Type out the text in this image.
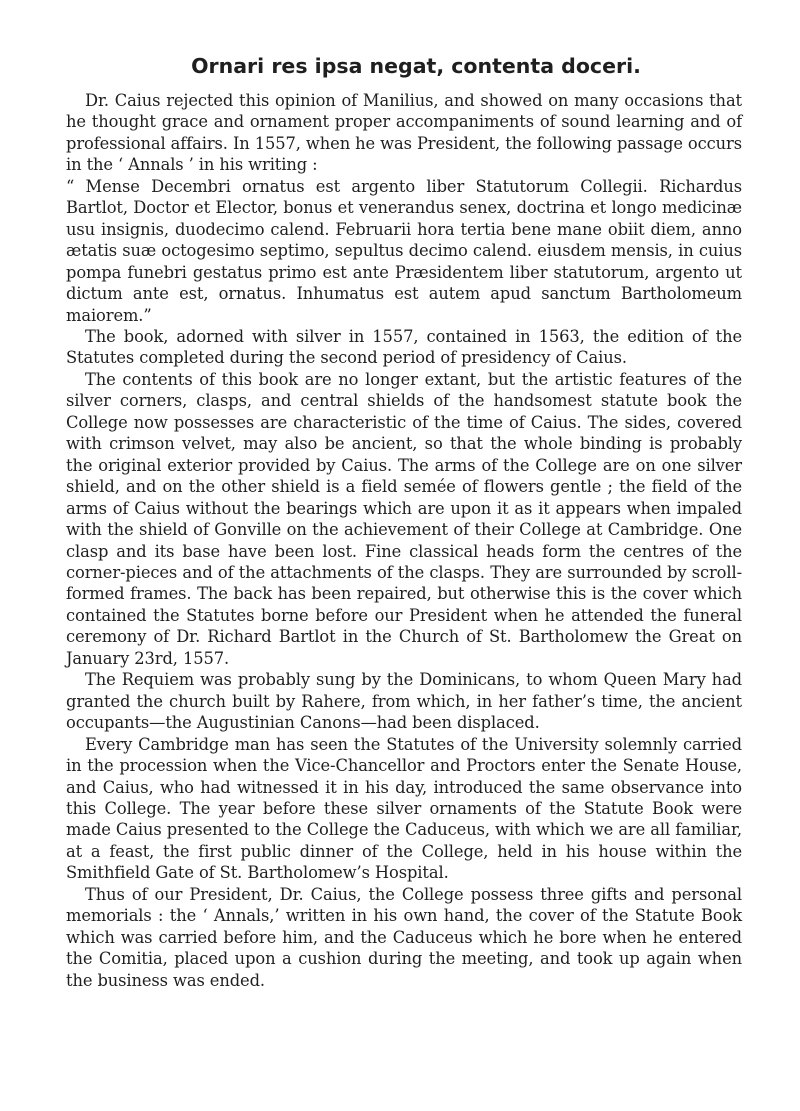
Ornari res ipsa negat, contenta doceri.

Dr. Caius rejected this opinion of Manilius, and showed on many occasions that he thought grace and ornament proper accompaniments of sound learning and of professional affairs. In 1557, when he was President, the following passage occurs in the ‘ Annals ’ in his writing :

“ Mense Decembri ornatus est argento liber Statutorum Collegii. Richardus Bartlot, Doctor et Elector, bonus et venerandus senex, doctrina et longo medicinæ usu insignis, duodecimo calend. Februarii hora tertia bene mane obiit diem, anno ætatis suæ octogesimo septimo, sepultus decimo calend. eiusdem mensis, in cuius pompa funebri gestatus primo est ante Præsidentem liber statutorum, argento ut dictum ante est, ornatus. Inhumatus est autem apud sanctum Bartholomeum maiorem.”

The book, adorned with silver in 1557, contained in 1563, the edition of the Statutes completed during the second period of presidency of Caius.

The contents of this book are no longer extant, but the artistic features of the silver corners, clasps, and central shields of the handsomest statute book the College now possesses are characteristic of the time of Caius. The sides, covered with crimson velvet, may also be ancient, so that the whole binding is probably the original exterior provided by Caius. The arms of the College are on one silver shield, and on the other shield is a field semée of flowers gentle ; the field of the arms of Caius without the bearings which are upon it as it appears when impaled with the shield of Gonville on the achievement of their College at Cambridge. One clasp and its base have been lost. Fine classical heads form the centres of the corner-pieces and of the attachments of the clasps. They are surrounded by scroll-formed frames. The back has been repaired, but otherwise this is the cover which contained the Statutes borne before our President when he attended the funeral ceremony of Dr. Richard Bartlot in the Church of St. Bartholomew the Great on January 23rd, 1557.

The Requiem was probably sung by the Dominicans, to whom Queen Mary had granted the church built by Rahere, from which, in her father’s time, the ancient occupants—the Augustinian Canons—had been displaced.

Every Cambridge man has seen the Statutes of the University solemnly carried in the procession when the Vice-Chancellor and Proctors enter the Senate House, and Caius, who had witnessed it in his day, introduced the same observance into this College. The year before these silver ornaments of the Statute Book were made Caius presented to the College the Caduceus, with which we are all familiar, at a feast, the first public dinner of the College, held in his house within the Smithfield Gate of St. Bartholomew’s Hospital.

Thus of our President, Dr. Caius, the College possess three gifts and personal memorials : the ‘ Annals,’ written in his own hand, the cover of the Statute Book which was carried before him, and the Caduceus which he bore when he entered the Comitia, placed upon a cushion during the meeting, and took up again when the business was ended.
